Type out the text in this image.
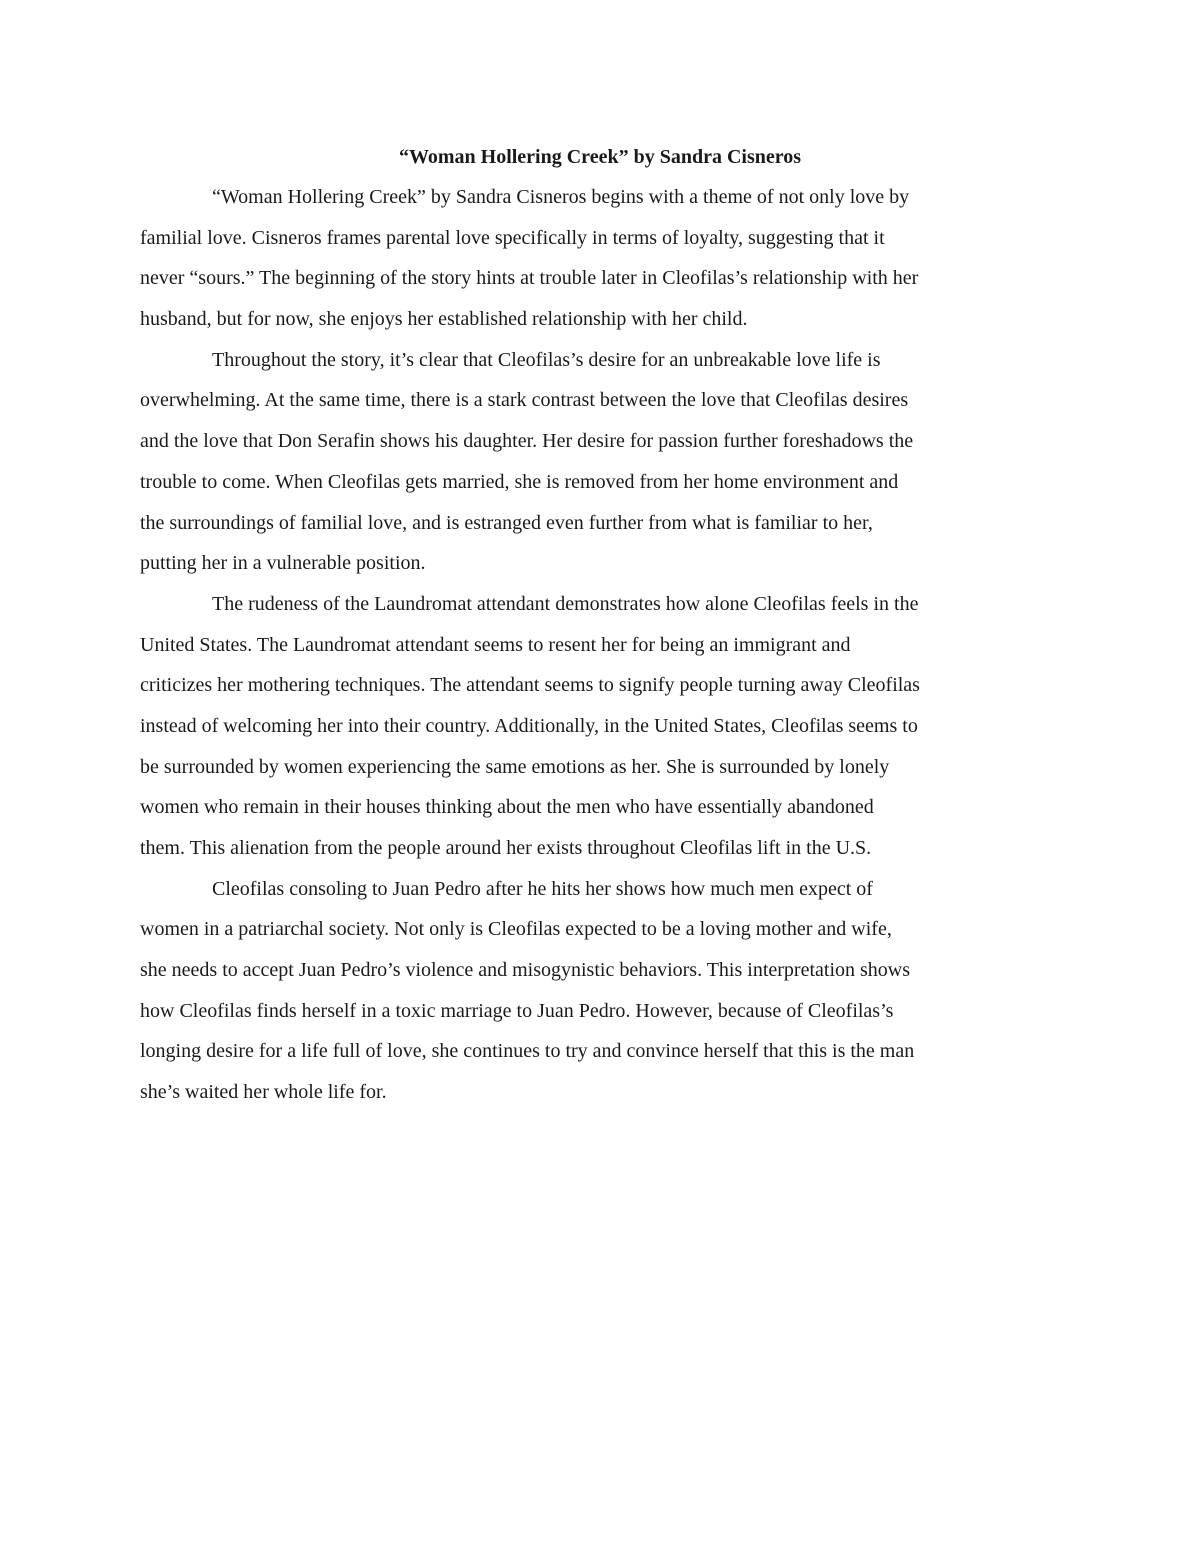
“Woman Hollering Creek” by Sandra Cisneros
“Woman Hollering Creek” by Sandra Cisneros begins with a theme of not only love by
familial love. Cisneros frames parental love specifically in terms of loyalty, suggesting that it
never “sours.” The beginning of the story hints at trouble later in Cleofilas’s relationship with her
husband, but for now, she enjoys her established relationship with her child.
Throughout the story, it’s clear that Cleofilas’s desire for an unbreakable love life is
overwhelming. At the same time, there is a stark contrast between the love that Cleofilas desires
and the love that Don Serafin shows his daughter. Her desire for passion further foreshadows the
trouble to come. When Cleofilas gets married, she is removed from her home environment and
the surroundings of familial love, and is estranged even further from what is familiar to her,
putting her in a vulnerable position.
The rudeness of the Laundromat attendant demonstrates how alone Cleofilas feels in the
United States. The Laundromat attendant seems to resent her for being an immigrant and
criticizes her mothering techniques. The attendant seems to signify people turning away Cleofilas
instead of welcoming her into their country. Additionally, in the United States, Cleofilas seems to
be surrounded by women experiencing the same emotions as her. She is surrounded by lonely
women who remain in their houses thinking about the men who have essentially abandoned
them. This alienation from the people around her exists throughout Cleofilas lift in the U.S.
Cleofilas consoling to Juan Pedro after he hits her shows how much men expect of
women in a patriarchal society. Not only is Cleofilas expected to be a loving mother and wife,
she needs to accept Juan Pedro’s violence and misogynistic behaviors. This interpretation shows
how Cleofilas finds herself in a toxic marriage to Juan Pedro. However, because of Cleofilas’s
longing desire for a life full of love, she continues to try and convince herself that this is the man
she’s waited her whole life for.
